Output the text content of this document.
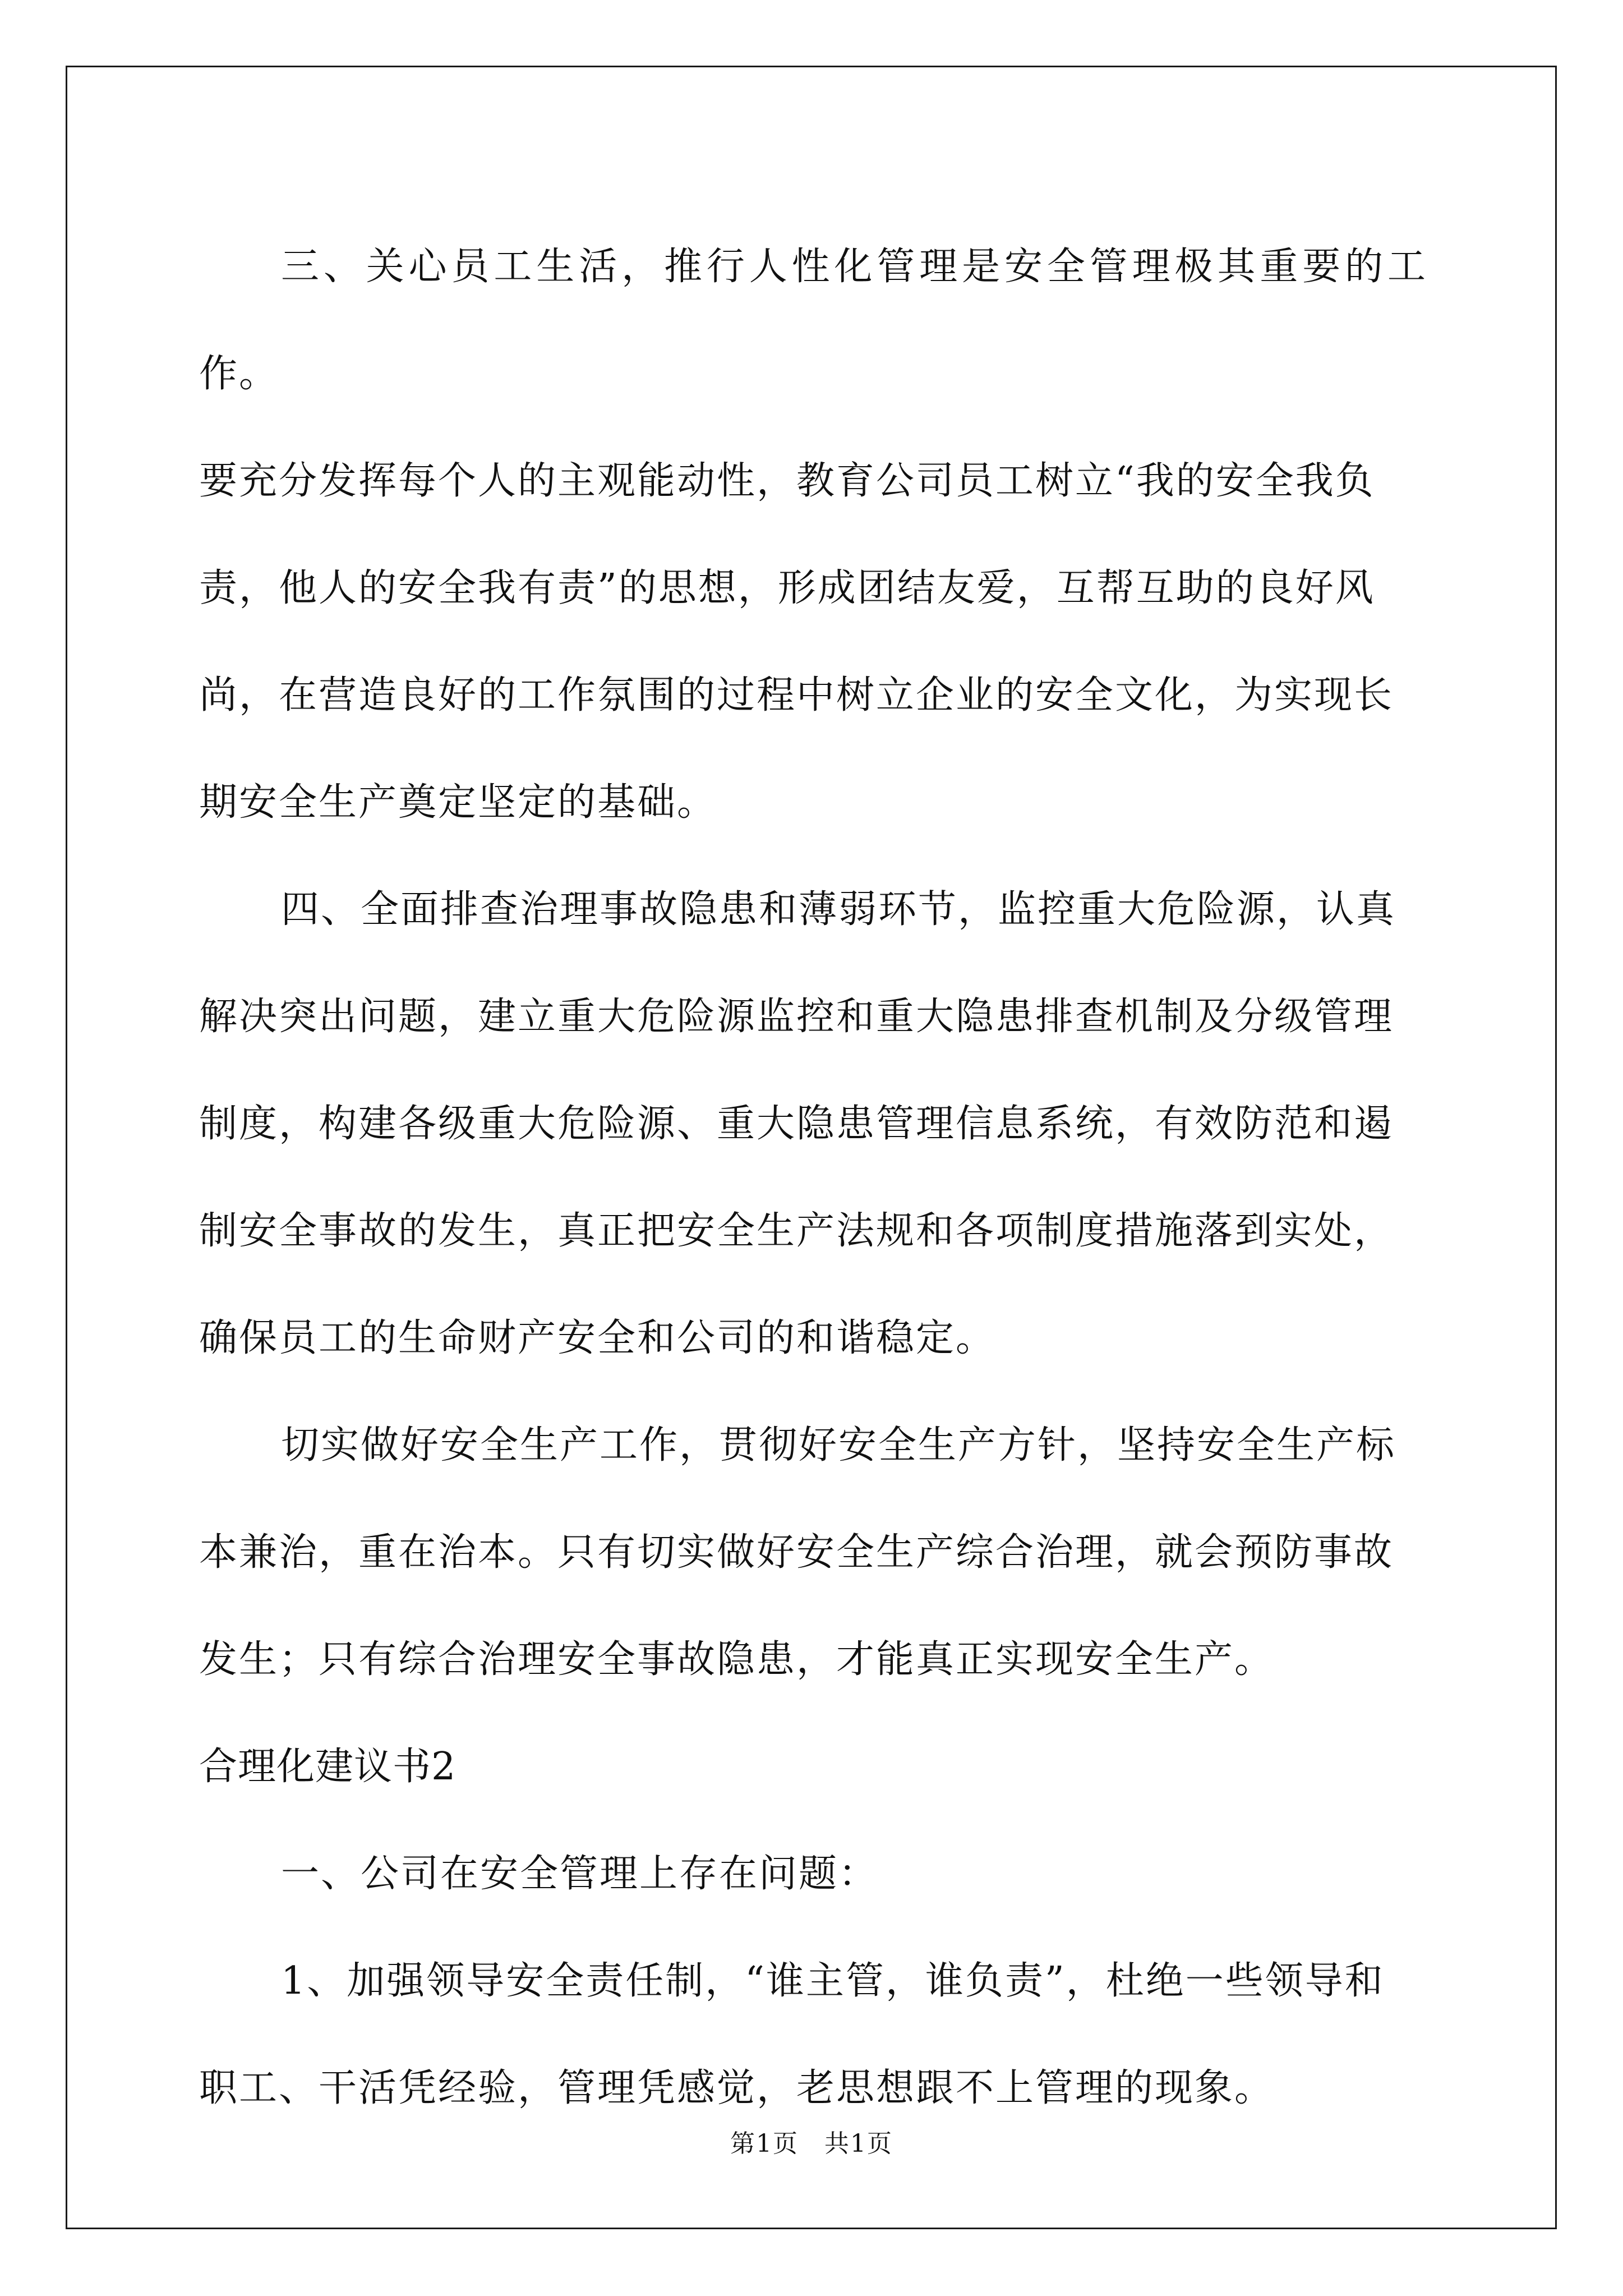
三、关心员工生活，推行人性化管理是安全管理极其重要的工作。
要充分发挥每个人的主观能动性，教育公司员工树立“我的安全我负
责，他人的安全我有责”的思想，形成团结友爱，互帮互助的良好风
尚，在营造良好的工作氛围的过程中树立企业的安全文化，为实现长
期安全生产奠定坚定的基础。
四、全面排查治理事故隐患和薄弱环节，监控重大危险源，认真
解决突出问题，建立重大危险源监控和重大隐患排查机制及分级管理
制度，构建各级重大危险源、重大隐患管理信息系统，有效防范和遏
制安全事故的发生，真正把安全生产法规和各项制度措施落到实处，
确保员工的生命财产安全和公司的和谐稳定。
切实做好安全生产工作，贯彻好安全生产方针，坚持安全生产标
本兼治，重在治本。只有切实做好安全生产综合治理，就会预防事故
发生；只有综合治理安全事故隐患，才能真正实现安全生产。
合理化建议书2
一、公司在安全管理上存在问题：
1、加强领导安全责任制，“谁主管，谁负责”，杜绝一些领导和
职工、干活凭经验，管理凭感觉，老思想跟不上管理的现象。
第1页　共1页
